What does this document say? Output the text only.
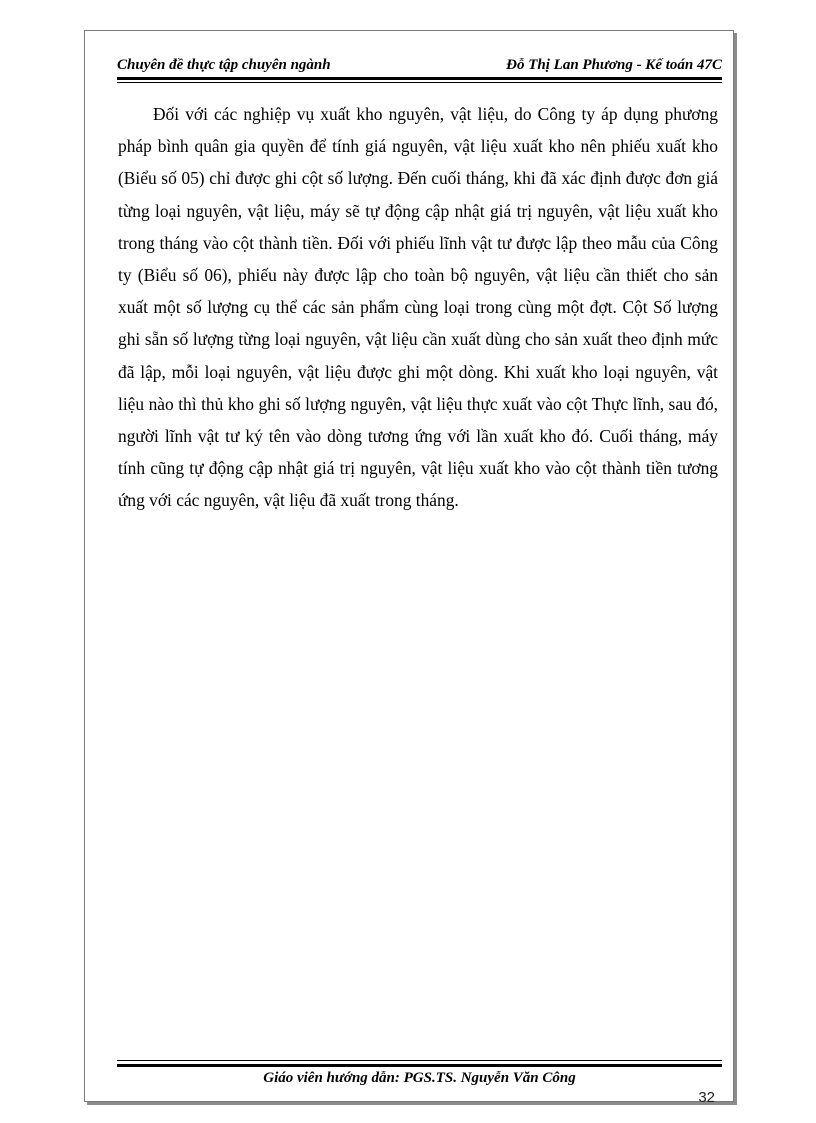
Chuyên đề thực tập chuyên ngành	Đỗ Thị Lan Phương - Kế toán 47C

Đối với các nghiệp vụ xuất kho nguyên, vật liệu, do Công ty áp dụng phương pháp bình quân gia quyền để tính giá nguyên, vật liệu xuất kho nên phiếu xuất kho (Biểu số 05) chỉ được ghi cột số lượng. Đến cuối tháng, khi đã xác định được đơn giá từng loại nguyên, vật liệu, máy sẽ tự động cập nhật giá trị nguyên, vật liệu xuất kho trong tháng vào cột thành tiền. Đối với phiếu lĩnh vật tư được lập theo mẫu của Công ty (Biểu số 06), phiếu này được lập cho toàn bộ nguyên, vật liệu cần thiết cho sản xuất một số lượng cụ thể các sản phẩm cùng loại trong cùng một đợt. Cột Số lượng ghi sẵn số lượng từng loại nguyên, vật liệu cần xuất dùng cho sản xuất theo định mức đã lập, mỗi loại nguyên, vật liệu được ghi một dòng. Khi xuất kho loại nguyên, vật liệu nào thì thủ kho ghi số lượng nguyên, vật liệu thực xuất vào cột Thực lĩnh, sau đó, người lĩnh vật tư ký tên vào dòng tương ứng với lần xuất kho đó. Cuối tháng, máy tính cũng tự động cập nhật giá trị nguyên, vật liệu xuất kho vào cột thành tiền tương ứng với các nguyên, vật liệu đã xuất trong tháng.

Giáo viên hướng dẫn: PGS.TS. Nguyễn Văn Công
32
